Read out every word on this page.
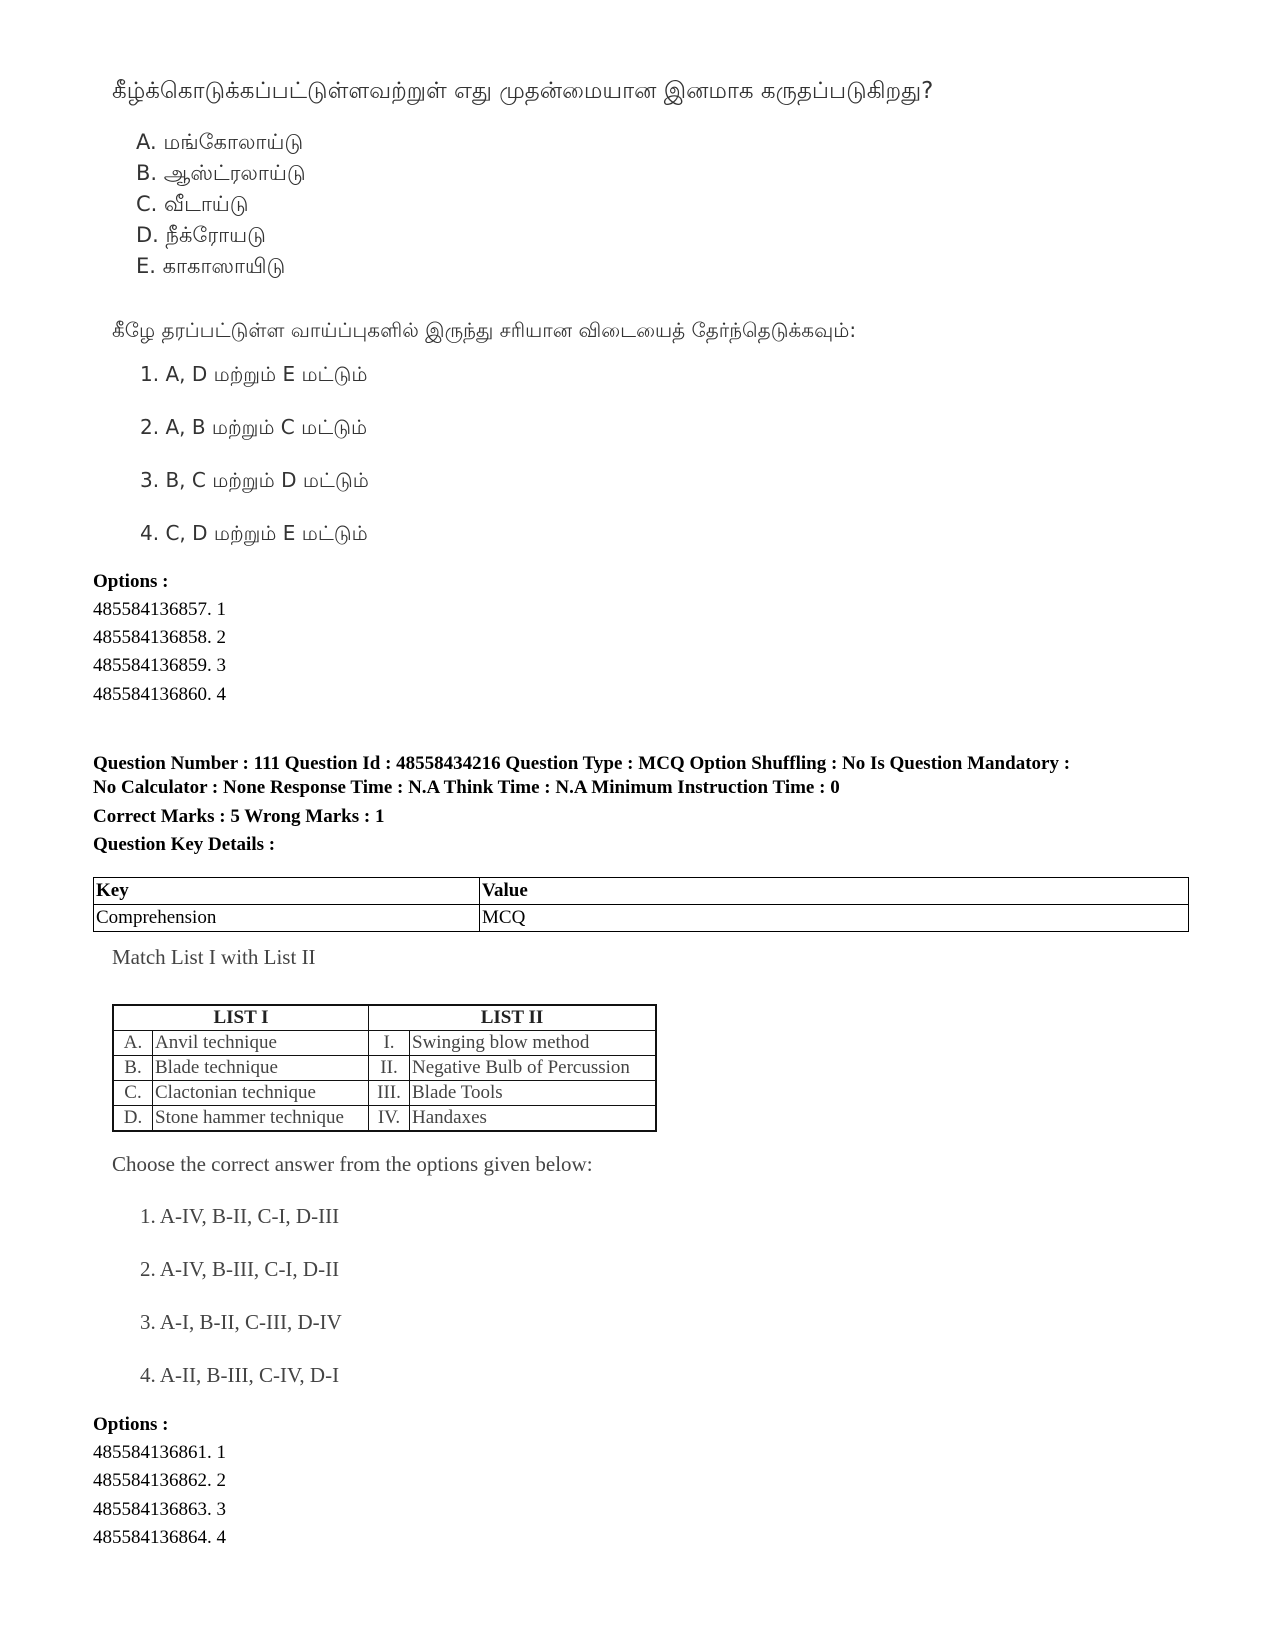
கீழ்க்கொடுக்கப்பட்டுள்ளவற்றுள் எது முதன்மையான இனமாக கருதப்படுகிறது?
A. மங்கோலாய்டு
B. ஆஸ்ட்ரலாய்டு
C. வீடாய்டு
D. நீக்ரோயடு
E. காகாஸாயிடு
கீழே தரப்பட்டுள்ள வாய்ப்புகளில் இருந்து சரியான விடையைத் தேர்ந்தெடுக்கவும்:
1. A, D மற்றும் E மட்டும்
2. A, B மற்றும் C மட்டும்
3. B, C மற்றும் D மட்டும்
4. C, D மற்றும் E மட்டும்
Options :
485584136857. 1
485584136858. 2
485584136859. 3
485584136860. 4
Question Number : 111 Question Id : 48558434216 Question Type : MCQ Option Shuffling : No Is Question Mandatory :
No Calculator : None Response Time : N.A Think Time : N.A Minimum Instruction Time : 0
Correct Marks : 5 Wrong Marks : 1
Question Key Details :
Key	Value
Comprehension	MCQ
Match List I with List II
LIST I		LIST II	
A.	Anvil technique	I.	Swinging blow method
B.	Blade technique	II.	Negative Bulb of Percussion
C.	Clactonian technique	III.	Blade Tools
D.	Stone hammer technique	IV.	Handaxes
Choose the correct answer from the options given below:
1. A-IV, B-II, C-I, D-III
2. A-IV, B-III, C-I, D-II
3. A-I, B-II, C-III, D-IV
4. A-II, B-III, C-IV, D-I
Options :
485584136861. 1
485584136862. 2
485584136863. 3
485584136864. 4
